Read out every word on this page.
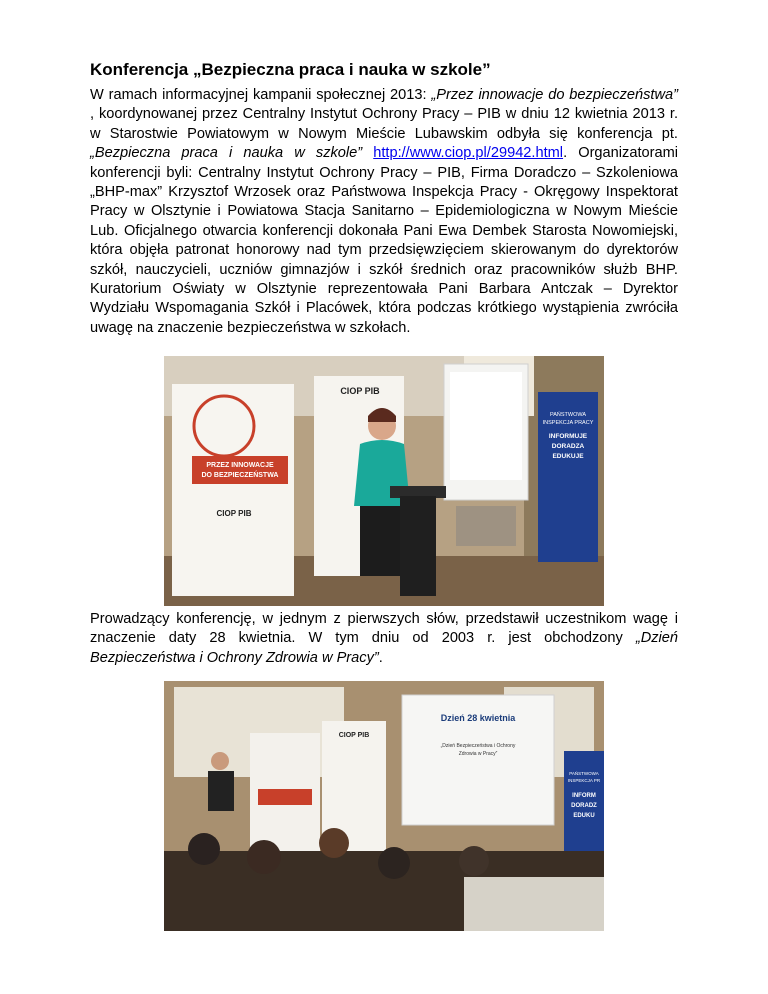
Konferencja „Bezpieczna praca i nauka w szkole”
W ramach informacyjnej kampanii społecznej 2013: „Przez innowacje do bezpieczeństwa” , koordynowanej przez Centralny Instytut Ochrony Pracy – PIB w dniu 12 kwietnia 2013 r. w Starostwie Powiatowym w Nowym Mieście Lubawskim odbyła się konferencja pt. „Bezpieczna praca i nauka w szkole” http://www.ciop.pl/29942.html. Organizatorami konferencji byli: Centralny Instytut Ochrony Pracy – PIB, Firma Doradczo – Szkoleniowa „BHP-max” Krzysztof Wrzosek oraz Państwowa Inspekcja Pracy - Okręgowy Inspektorat Pracy w Olsztynie i Powiatowa Stacja Sanitarno – Epidemiologiczna w Nowym Mieście Lub. Oficjalnego otwarcia konferencji dokonała Pani Ewa Dembek Starosta Nowomiejski, która objęła patronat honorowy nad tym przedsięwzięciem skierowanym do dyrektorów szkół, nauczycieli, uczniów gimnazjów i szkół średnich oraz pracowników służb BHP. Kuratorium Oświaty w Olsztynie reprezentowała Pani Barbara Antczak – Dyrektor Wydziału Wspomagania Szkół i Placówek, która podczas krótkiego wystąpienia zwróciła uwagę na znaczenie bezpieczeństwa w szkołach.
PRZEZ INNOWACJE
DO BEZPIECZEŃSTWA
CIOP PIB
CIOP PIB
PAŃSTWOWA
INSPEKCJA PRACY
INFORMUJE
DORADZA
EDUKUJE
Prowadzący konferencję, w jednym z pierwszych słów, przedstawił uczestnikom wagę i znaczenie daty 28 kwietnia. W tym dniu od 2003 r. jest obchodzony „Dzień Bezpieczeństwa i Ochrony Zdrowia w Pracy”.
Dzień 28 kwietnia
„Dzień Bezpieczeństwa i Ochrony
Zdrowia w Pracy”
CIOP PIB
PAŃSTWOWA
INSPEKCJA PR
INFORM
DORADZ
EDUKU
